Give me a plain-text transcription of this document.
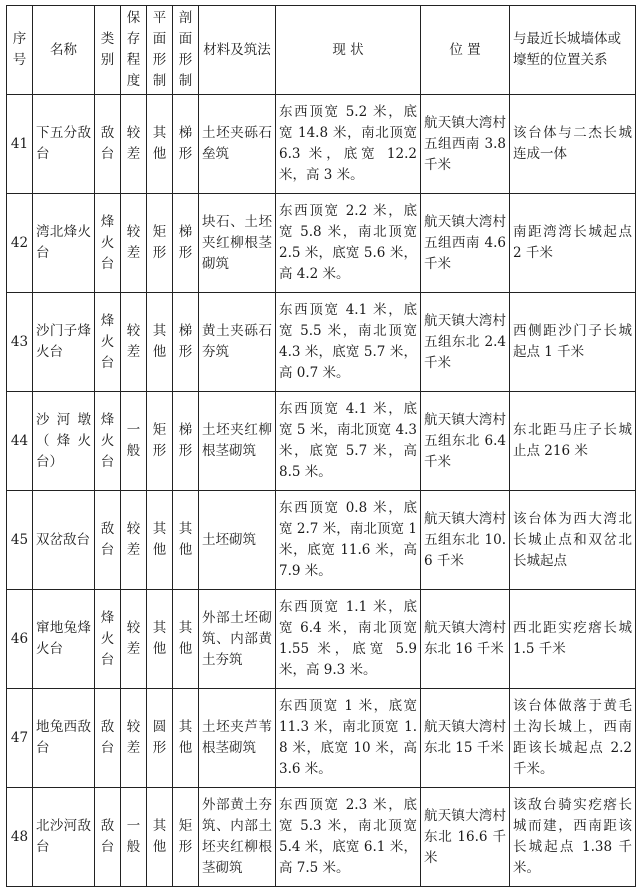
序号	名称	类别	保存程度	平面形制	剖面形制	材料及筑法	现 状	位 置	与最近长城墙体或壕堑的位置关系
41	下五分敌台	敌台	较差	其他	梯形	土坯夹砾石垒筑	东西顶宽 5.2 米，底宽 14.8 米，南北顶宽 6.3 米，底宽 12.2 米，高 3 米。	航天镇大湾村五组西南 3.8 千米	该台体与二杰长城连成一体
42	湾北烽火台	烽火台	较差	矩形	梯形	块石、土坯夹红柳根茎砌筑	东西顶宽 2.2 米，底宽 5.8 米，南北顶宽 2.5 米，底宽 5.6 米，高 4.2 米。	航天镇大湾村五组西南 4.6 千米	南距湾湾长城起点 2 千米
43	沙门子烽火台	烽火台	较差	其他	梯形	黄土夹砾石夯筑	东西顶宽 4.1 米，底宽 5.5 米，南北顶宽 4.3 米，底宽 5.7 米，高 0.7 米。	航天镇大湾村五组东北 2.4 千米	西侧距沙门子长城起点 1 千米
44	沙河墩（烽火台）	烽火台	一般	矩形	梯形	土坯夹红柳根茎砌筑	东西顶宽 4.1 米，底宽 5 米，南北顶宽 4.3 米，底宽 5.7 米，高 8.5 米。	航天镇大湾村五组东北 6.4 千米	东北距马庄子长城止点 216 米
45	双岔敌台	敌台	较差	其他	其他	土坯砌筑	东西顶宽 0.8 米，底宽 2.7 米，南北顶宽 1 米，底宽 11.6 米，高 7.9 米。	航天镇大湾村五组东北 10.6 千米	该台体为西大湾北长城止点和双岔北长城起点
46	窜地兔烽火台	烽火台	较差	其他	其他	外部土坯砌筑、内部黄土夯筑	东西顶宽 1.1 米，底宽 6.4 米，南北顶宽 1.55 米，底宽 5.9 米，高 9.3 米。	航天镇大湾村东北 16 千米	西北距实疙瘩长城 1.5 千米
47	地兔西敌台	敌台	较差	圆形	其他	土坯夹芦苇根茎砌筑	东西顶宽 1 米，底宽 11.3 米，南北顶宽 1.8 米，底宽 10 米，高 3.6 米。	航天镇大湾村东北 15 千米	该台体做落于黄毛土沟长城上，西南距该长城起点 2.2 千米。
48	北沙河敌台	敌台	一般	其他	矩形	外部黄土夯筑、内部土坯夹红柳根茎砌筑	东西顶宽 2.3 米，底宽 5.3 米，南北顶宽 5.4 米，底宽 6.1 米，高 7.5 米。	航天镇大湾村东北 16.6 千米	该敌台骑实疙瘩长城而建，西南距该长城起点 1.38 千米。
